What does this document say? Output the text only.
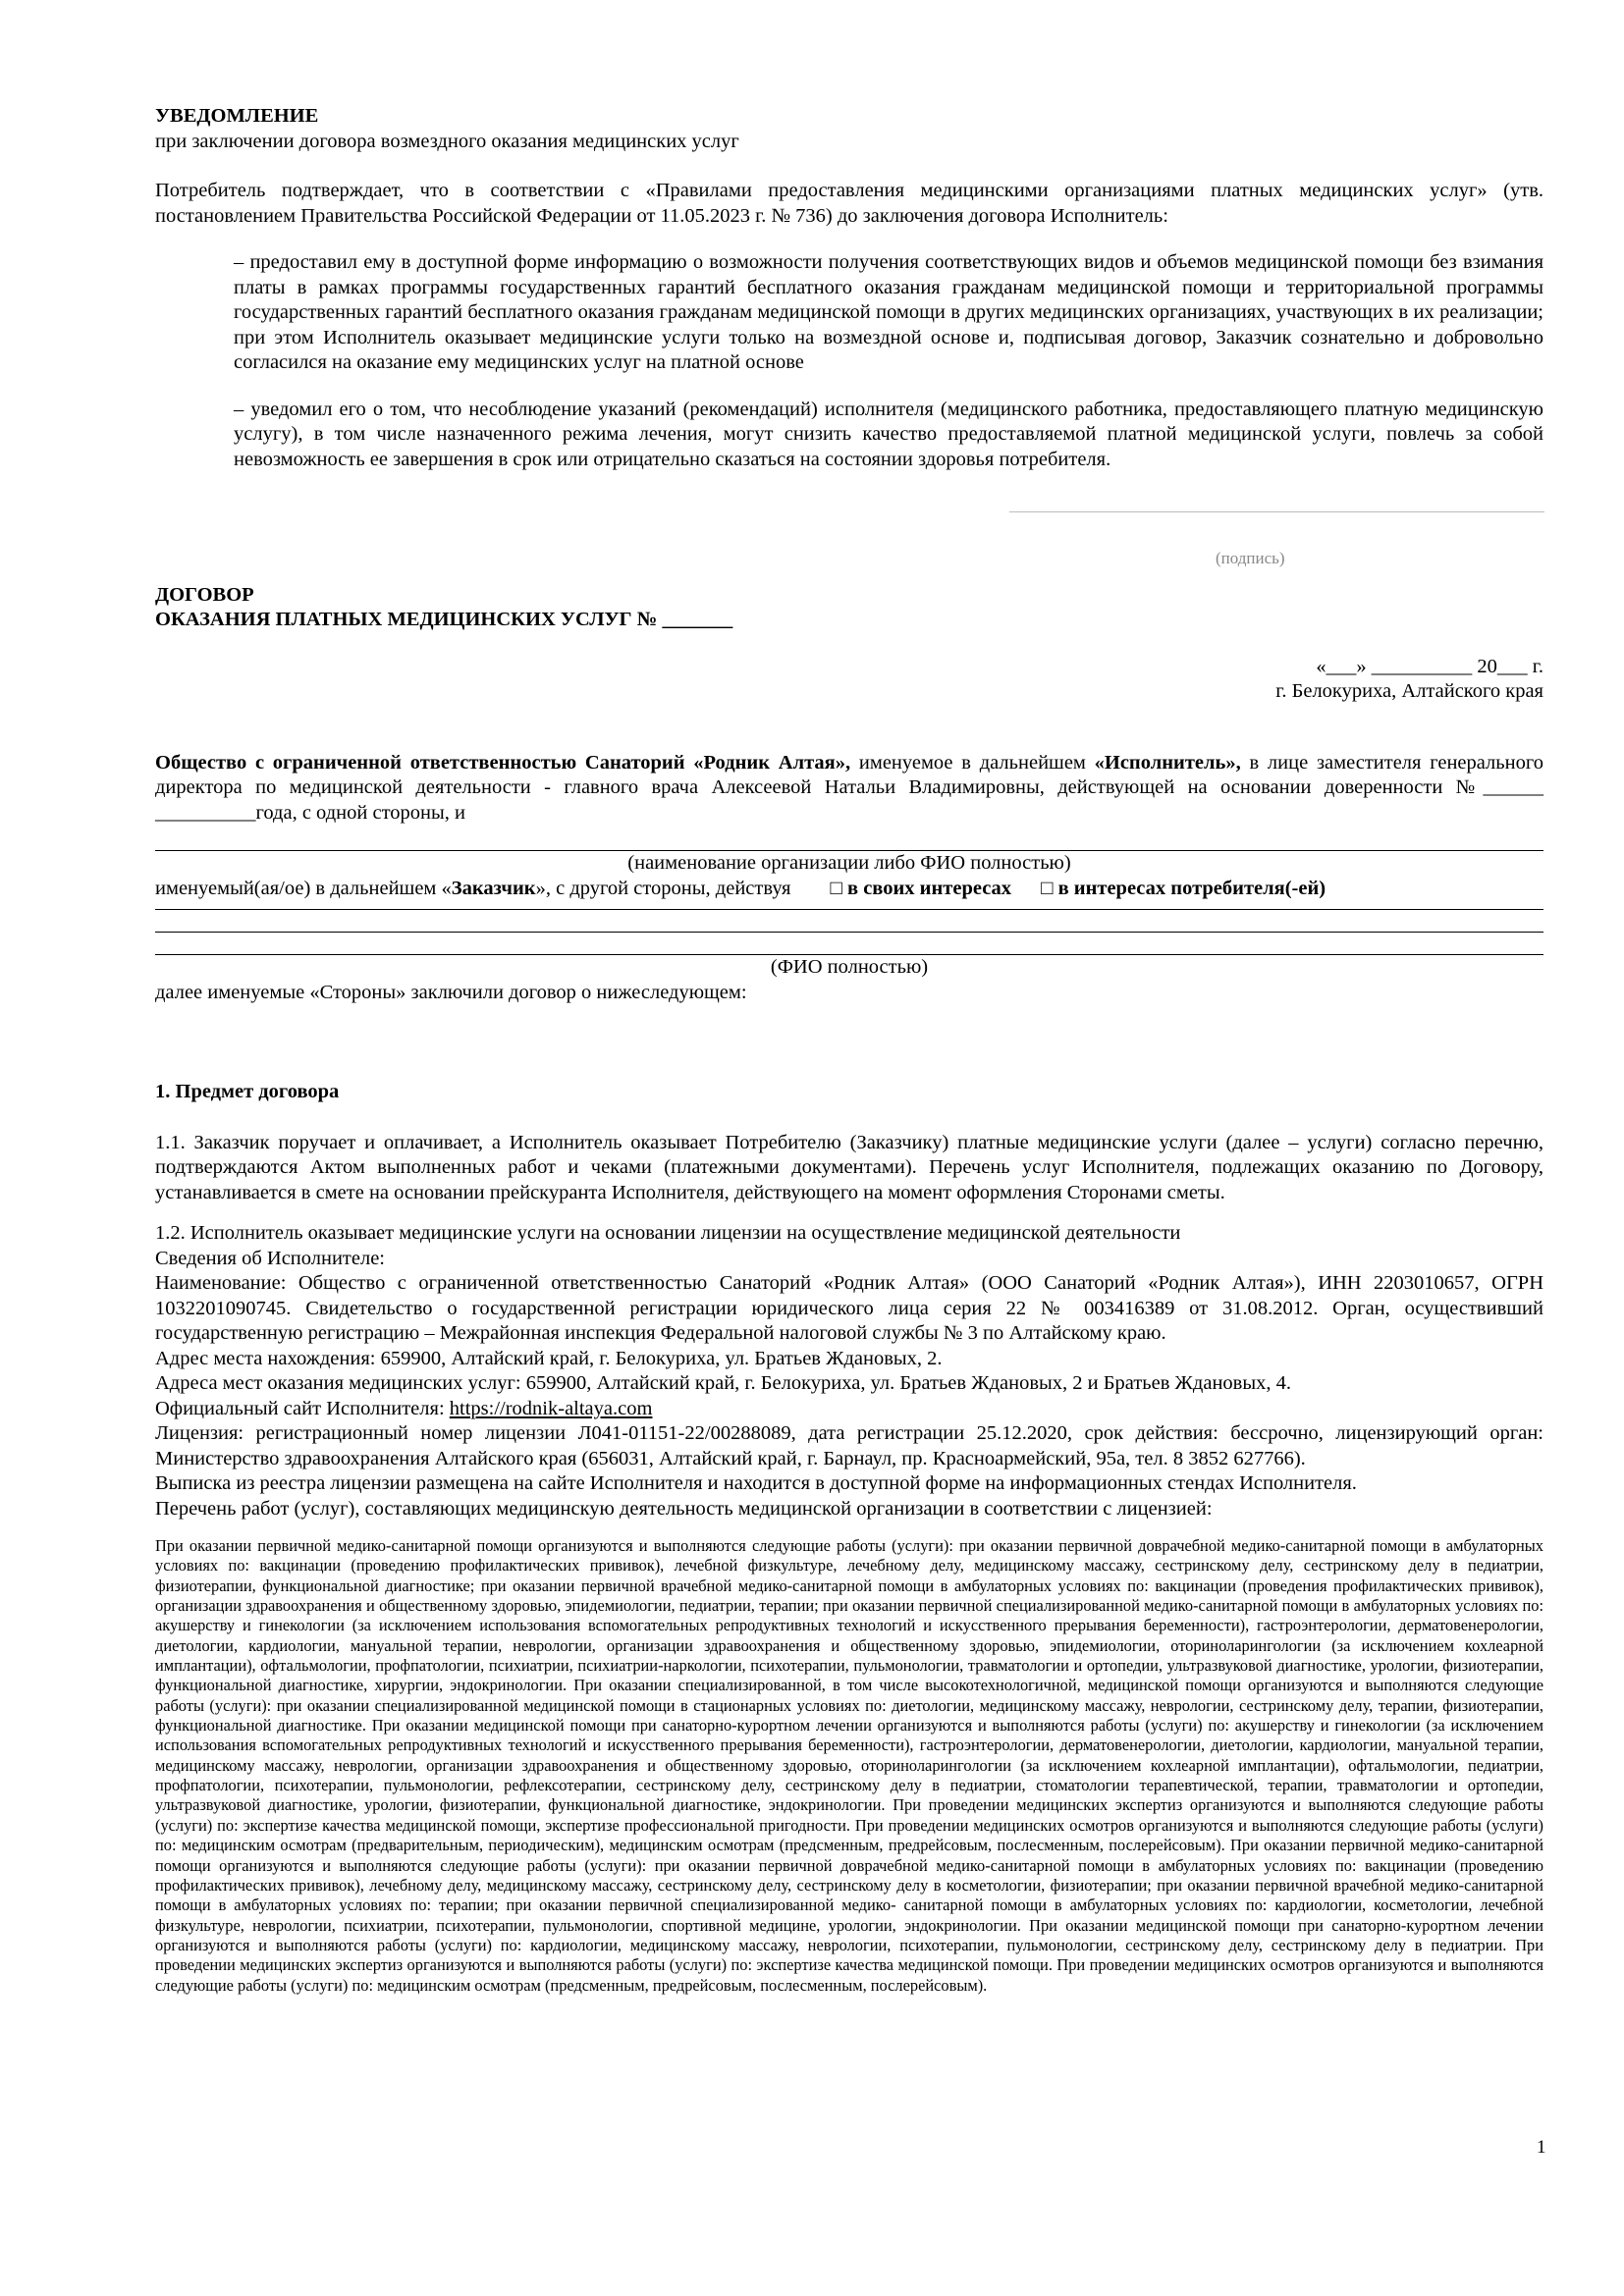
УВЕДОМЛЕНИЕ

при заключении договора возмездного оказания медицинских услуг

Потребитель подтверждает, что в соответствии с «Правилами предоставления медицинскими организациями платных медицинских услуг» (утв. постановлением Правительства Российской Федерации от 11.05.2023 г. № 736) до заключения договора Исполнитель:

– предоставил ему в доступной форме информацию о возможности получения соответствующих видов и объемов медицинской помощи без взимания платы в рамках программы государственных гарантий бесплатного оказания гражданам медицинской помощи и территориальной программы государственных гарантий бесплатного оказания гражданам медицинской помощи в других медицинских организациях, участвующих в их реализации; при этом Исполнитель оказывает медицинские услуги только на возмездной основе и, подписывая договор, Заказчик сознательно и добровольно согласился на оказание ему медицинских услуг на платной основе

– уведомил его о том, что несоблюдение указаний (рекомендаций) исполнителя (медицинского работника, предоставляющего платную медицинскую услугу), в том числе назначенного режима лечения, могут снизить качество предоставляемой платной медицинской услуги, повлечь за собой невозможность ее завершения в срок или отрицательно сказаться на состоянии здоровья потребителя.

(подпись)

ДОГОВОР

ОКАЗАНИЯ ПЛАТНЫХ МЕДИЦИНСКИХ УСЛУГ № _______

«___» __________ 20___ г.

г. Белокуриха, Алтайского края

Общество с ограниченной ответственностью Санаторий «Родник Алтая», именуемое в дальнейшем «Исполнитель», в лице заместителя генерального директора по медицинской деятельности - главного врача Алексеевой Натальи Владимировны, действующей на основании доверенности №______ __________года, с одной стороны, и

(наименование организации либо ФИО полностью)

именуемый(ая/ое) в дальнейшем «Заказчик», с другой стороны, действуя □ в своих интересах □ в интересах потребителя(-ей)

(ФИО полностью)

далее именуемые «Стороны» заключили договор о нижеследующем:

1. Предмет договора

1.1. Заказчик поручает и оплачивает, а Исполнитель оказывает Потребителю (Заказчику) платные медицинские услуги (далее – услуги) согласно перечню, подтверждаются Актом выполненных работ и чеками (платежными документами). Перечень услуг Исполнителя, подлежащих оказанию по Договору, устанавливается в смете на основании прейскуранта Исполнителя, действующего на момент оформления Сторонами сметы.

1.2. Исполнитель оказывает медицинские услуги на основании лицензии на осуществление медицинской деятельности

Сведения об Исполнителе:

Наименование: Общество с ограниченной ответственностью Санаторий «Родник Алтая» (ООО Санаторий «Родник Алтая»), ИНН 2203010657, ОГРН 1032201090745. Свидетельство о государственной регистрации юридического лица серия 22 № 003416389 от 31.08.2012. Орган, осуществивший государственную регистрацию – Межрайонная инспекция Федеральной налоговой службы № 3 по Алтайскому краю.

Адрес места нахождения: 659900, Алтайский край, г. Белокуриха, ул. Братьев Ждановых, 2.

Адреса мест оказания медицинских услуг: 659900, Алтайский край, г. Белокуриха, ул. Братьев Ждановых, 2 и Братьев Ждановых, 4.

Официальный сайт Исполнителя: https://rodnik-altaya.com

Лицензия: регистрационный номер лицензии Л041-01151-22/00288089, дата регистрации 25.12.2020, срок действия: бессрочно, лицензирующий орган: Министерство здравоохранения Алтайского края (656031, Алтайский край, г. Барнаул, пр. Красноармейский, 95а, тел. 8 3852 627766).

Выписка из реестра лицензии размещена на сайте Исполнителя и находится в доступной форме на информационных стендах Исполнителя.

Перечень работ (услуг), составляющих медицинскую деятельность медицинской организации в соответствии с лицензией:

При оказании первичной медико-санитарной помощи организуются и выполняются следующие работы (услуги): при оказании первичной доврачебной медико-санитарной помощи в амбулаторных условиях по: вакцинации (проведению профилактических прививок), лечебной физкультуре, лечебному делу, медицинскому массажу, сестринскому делу, сестринскому делу в педиатрии, физиотерапии, функциональной диагностике; при оказании первичной врачебной медико-санитарной помощи в амбулаторных условиях по: вакцинации (проведения профилактических прививок), организации здравоохранения и общественному здоровью, эпидемиологии, педиатрии, терапии; при оказании первичной специализированной медико-санитарной помощи в амбулаторных условиях по: акушерству и гинекологии (за исключением использования вспомогательных репродуктивных технологий и искусственного прерывания беременности), гастроэнтерологии, дерматовенерологии, диетологии, кардиологии, мануальной терапии, неврологии, организации здравоохранения и общественному здоровью, эпидемиологии, оториноларингологии (за исключением кохлеарной имплантации), офтальмологии, профпатологии, психиатрии, психиатрии-наркологии, психотерапии, пульмонологии, травматологии и ортопедии, ультразвуковой диагностике, урологии, физиотерапии, функциональной диагностике, хирургии, эндокринологии. При оказании специализированной, в том числе высокотехнологичной, медицинской помощи организуются и выполняются следующие работы (услуги): при оказании специализированной медицинской помощи в стационарных условиях по: диетологии, медицинскому массажу, неврологии, сестринскому делу, терапии, физиотерапии, функциональной диагностике. При оказании медицинской помощи при санаторно-курортном лечении организуются и выполняются работы (услуги) по: акушерству и гинекологии (за исключением использования вспомогательных репродуктивных технологий и искусственного прерывания беременности), гастроэнтерологии, дерматовенерологии, диетологии, кардиологии, мануальной терапии, медицинскому массажу, неврологии, организации здравоохранения и общественному здоровью, оториноларингологии (за исключением кохлеарной имплантации), офтальмологии, педиатрии, профпатологии, психотерапии, пульмонологии, рефлексотерапии, сестринскому делу, сестринскому делу в педиатрии, стоматологии терапевтической, терапии, травматологии и ортопедии, ультразвуковой диагностике, урологии, физиотерапии, функциональной диагностике, эндокринологии. При проведении медицинских экспертиз организуются и выполняются следующие работы (услуги) по: экспертизе качества медицинской помощи, экспертизе профессиональной пригодности. При проведении медицинских осмотров организуются и выполняются следующие работы (услуги) по: медицинским осмотрам (предварительным, периодическим), медицинским осмотрам (предсменным, предрейсовым, послесменным, послерейсовым). При оказании первичной медико-санитарной помощи организуются и выполняются следующие работы (услуги): при оказании первичной доврачебной медико-санитарной помощи в амбулаторных условиях по: вакцинации (проведению профилактических прививок), лечебному делу, медицинскому массажу, сестринскому делу, сестринскому делу в косметологии, физиотерапии; при оказании первичной врачебной медико-санитарной помощи в амбулаторных условиях по: терапии; при оказании первичной специализированной медико- санитарной помощи в амбулаторных условиях по: кардиологии, косметологии, лечебной физкультуре, неврологии, психиатрии, психотерапии, пульмонологии, спортивной медицине, урологии, эндокринологии. При оказании медицинской помощи при санаторно-курортном лечении организуются и выполняются работы (услуги) по: кардиологии, медицинскому массажу, неврологии, психотерапии, пульмонологии, сестринскому делу, сестринскому делу в педиатрии. При проведении медицинских экспертиз организуются и выполняются работы (услуги) по: экспертизе качества медицинской помощи. При проведении медицинских осмотров организуются и выполняются следующие работы (услуги) по: медицинским осмотрам (предсменным, предрейсовым, послесменным, послерейсовым).

1
